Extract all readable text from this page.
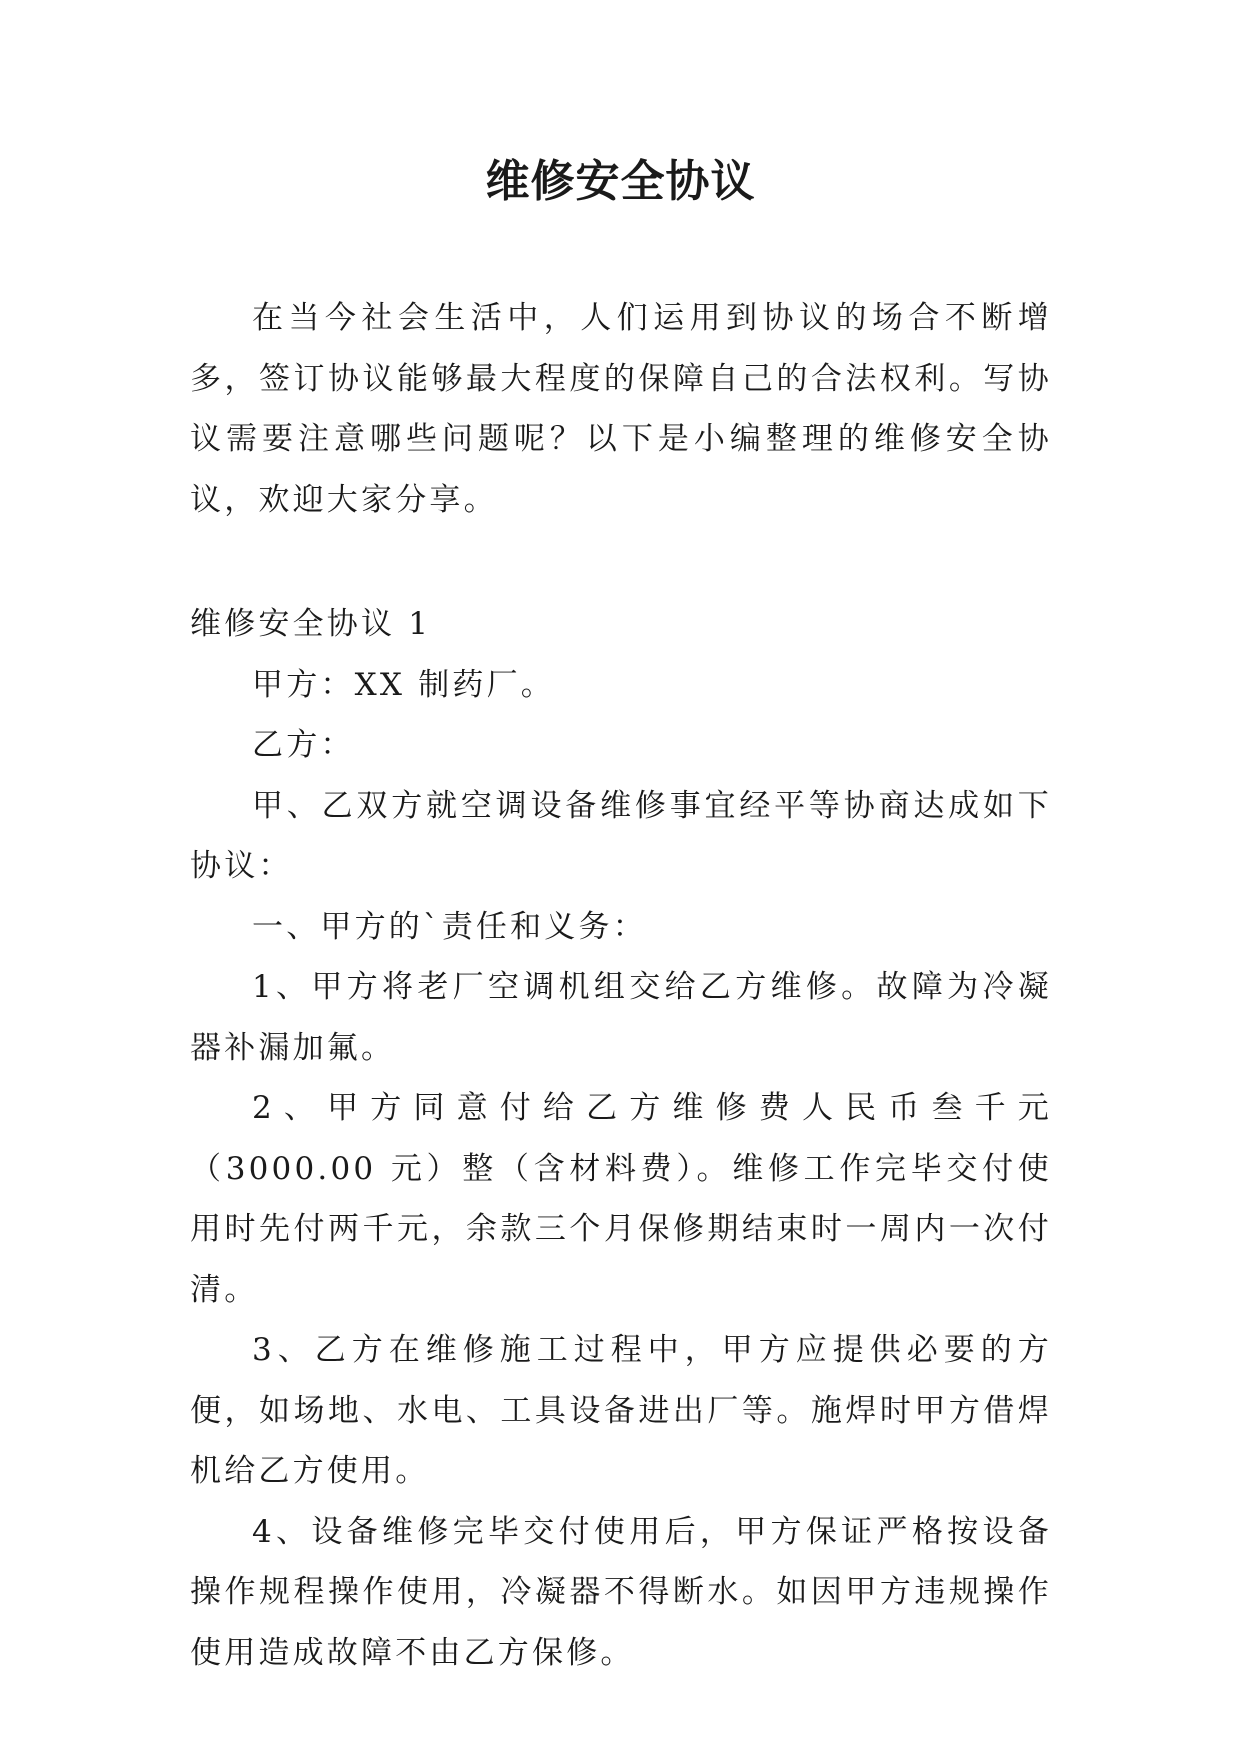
维修安全协议

在当今社会生活中，人们运用到协议的场合不断增多，签订协议能够最大程度的保障自己的合法权利。写协议需要注意哪些问题呢？以下是小编整理的维修安全协议，欢迎大家分享。

维修安全协议 1

甲方：XX 制药厂。

乙方：

甲、乙双方就空调设备维修事宜经平等协商达成如下协议：

一、甲方的`责任和义务：

1、甲方将老厂空调机组交给乙方维修。故障为冷凝器补漏加氟。

2、甲方同意付给乙方维修费人民币叁千元（3000.00 元）整（含材料费）。维修工作完毕交付使用时先付两千元，余款三个月保修期结束时一周内一次付清。

3、乙方在维修施工过程中，甲方应提供必要的方便，如场地、水电、工具设备进出厂等。施焊时甲方借焊机给乙方使用。

4、设备维修完毕交付使用后，甲方保证严格按设备操作规程操作使用，冷凝器不得断水。如因甲方违规操作使用造成故障不由乙方保修。
